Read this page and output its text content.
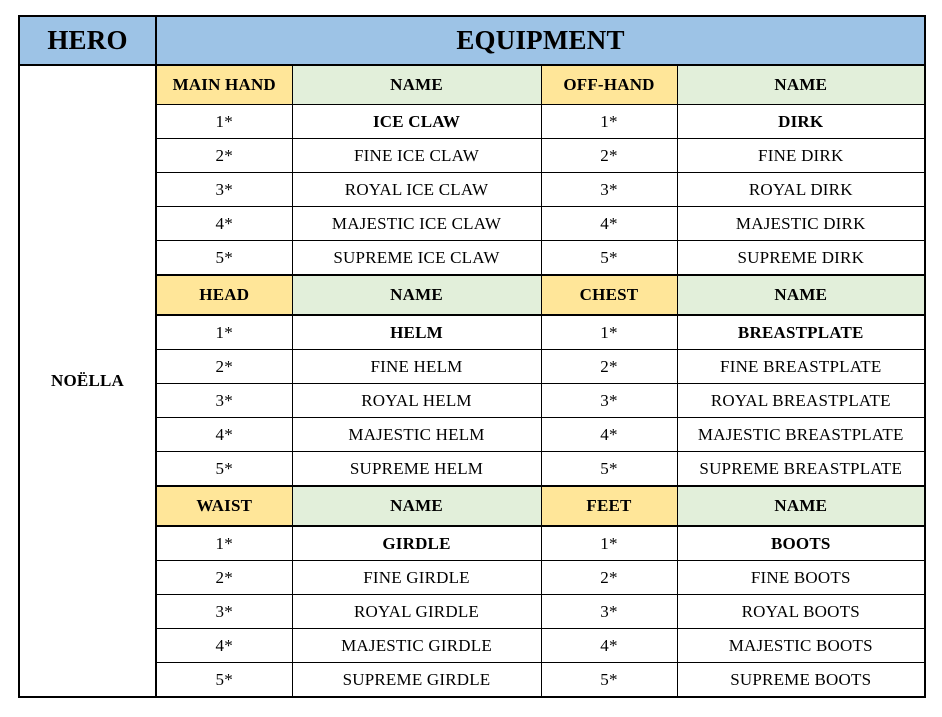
HERO	EQUIPMENT			
NOËLLA	MAIN HAND	NAME	OFF-HAND	NAME
	1*	ICE CLAW	1*	DIRK
	2*	FINE ICE CLAW	2*	FINE DIRK
	3*	ROYAL ICE CLAW	3*	ROYAL DIRK
	4*	MAJESTIC ICE CLAW	4*	MAJESTIC DIRK
	5*	SUPREME ICE CLAW	5*	SUPREME DIRK
	HEAD	NAME	CHEST	NAME
	1*	HELM	1*	BREASTPLATE
	2*	FINE HELM	2*	FINE BREASTPLATE
	3*	ROYAL HELM	3*	ROYAL BREASTPLATE
	4*	MAJESTIC HELM	4*	MAJESTIC BREASTPLATE
	5*	SUPREME HELM	5*	SUPREME BREASTPLATE
	WAIST	NAME	FEET	NAME
	1*	GIRDLE	1*	BOOTS
	2*	FINE GIRDLE	2*	FINE BOOTS
	3*	ROYAL GIRDLE	3*	ROYAL BOOTS
	4*	MAJESTIC GIRDLE	4*	MAJESTIC BOOTS
	5*	SUPREME GIRDLE	5*	SUPREME BOOTS
